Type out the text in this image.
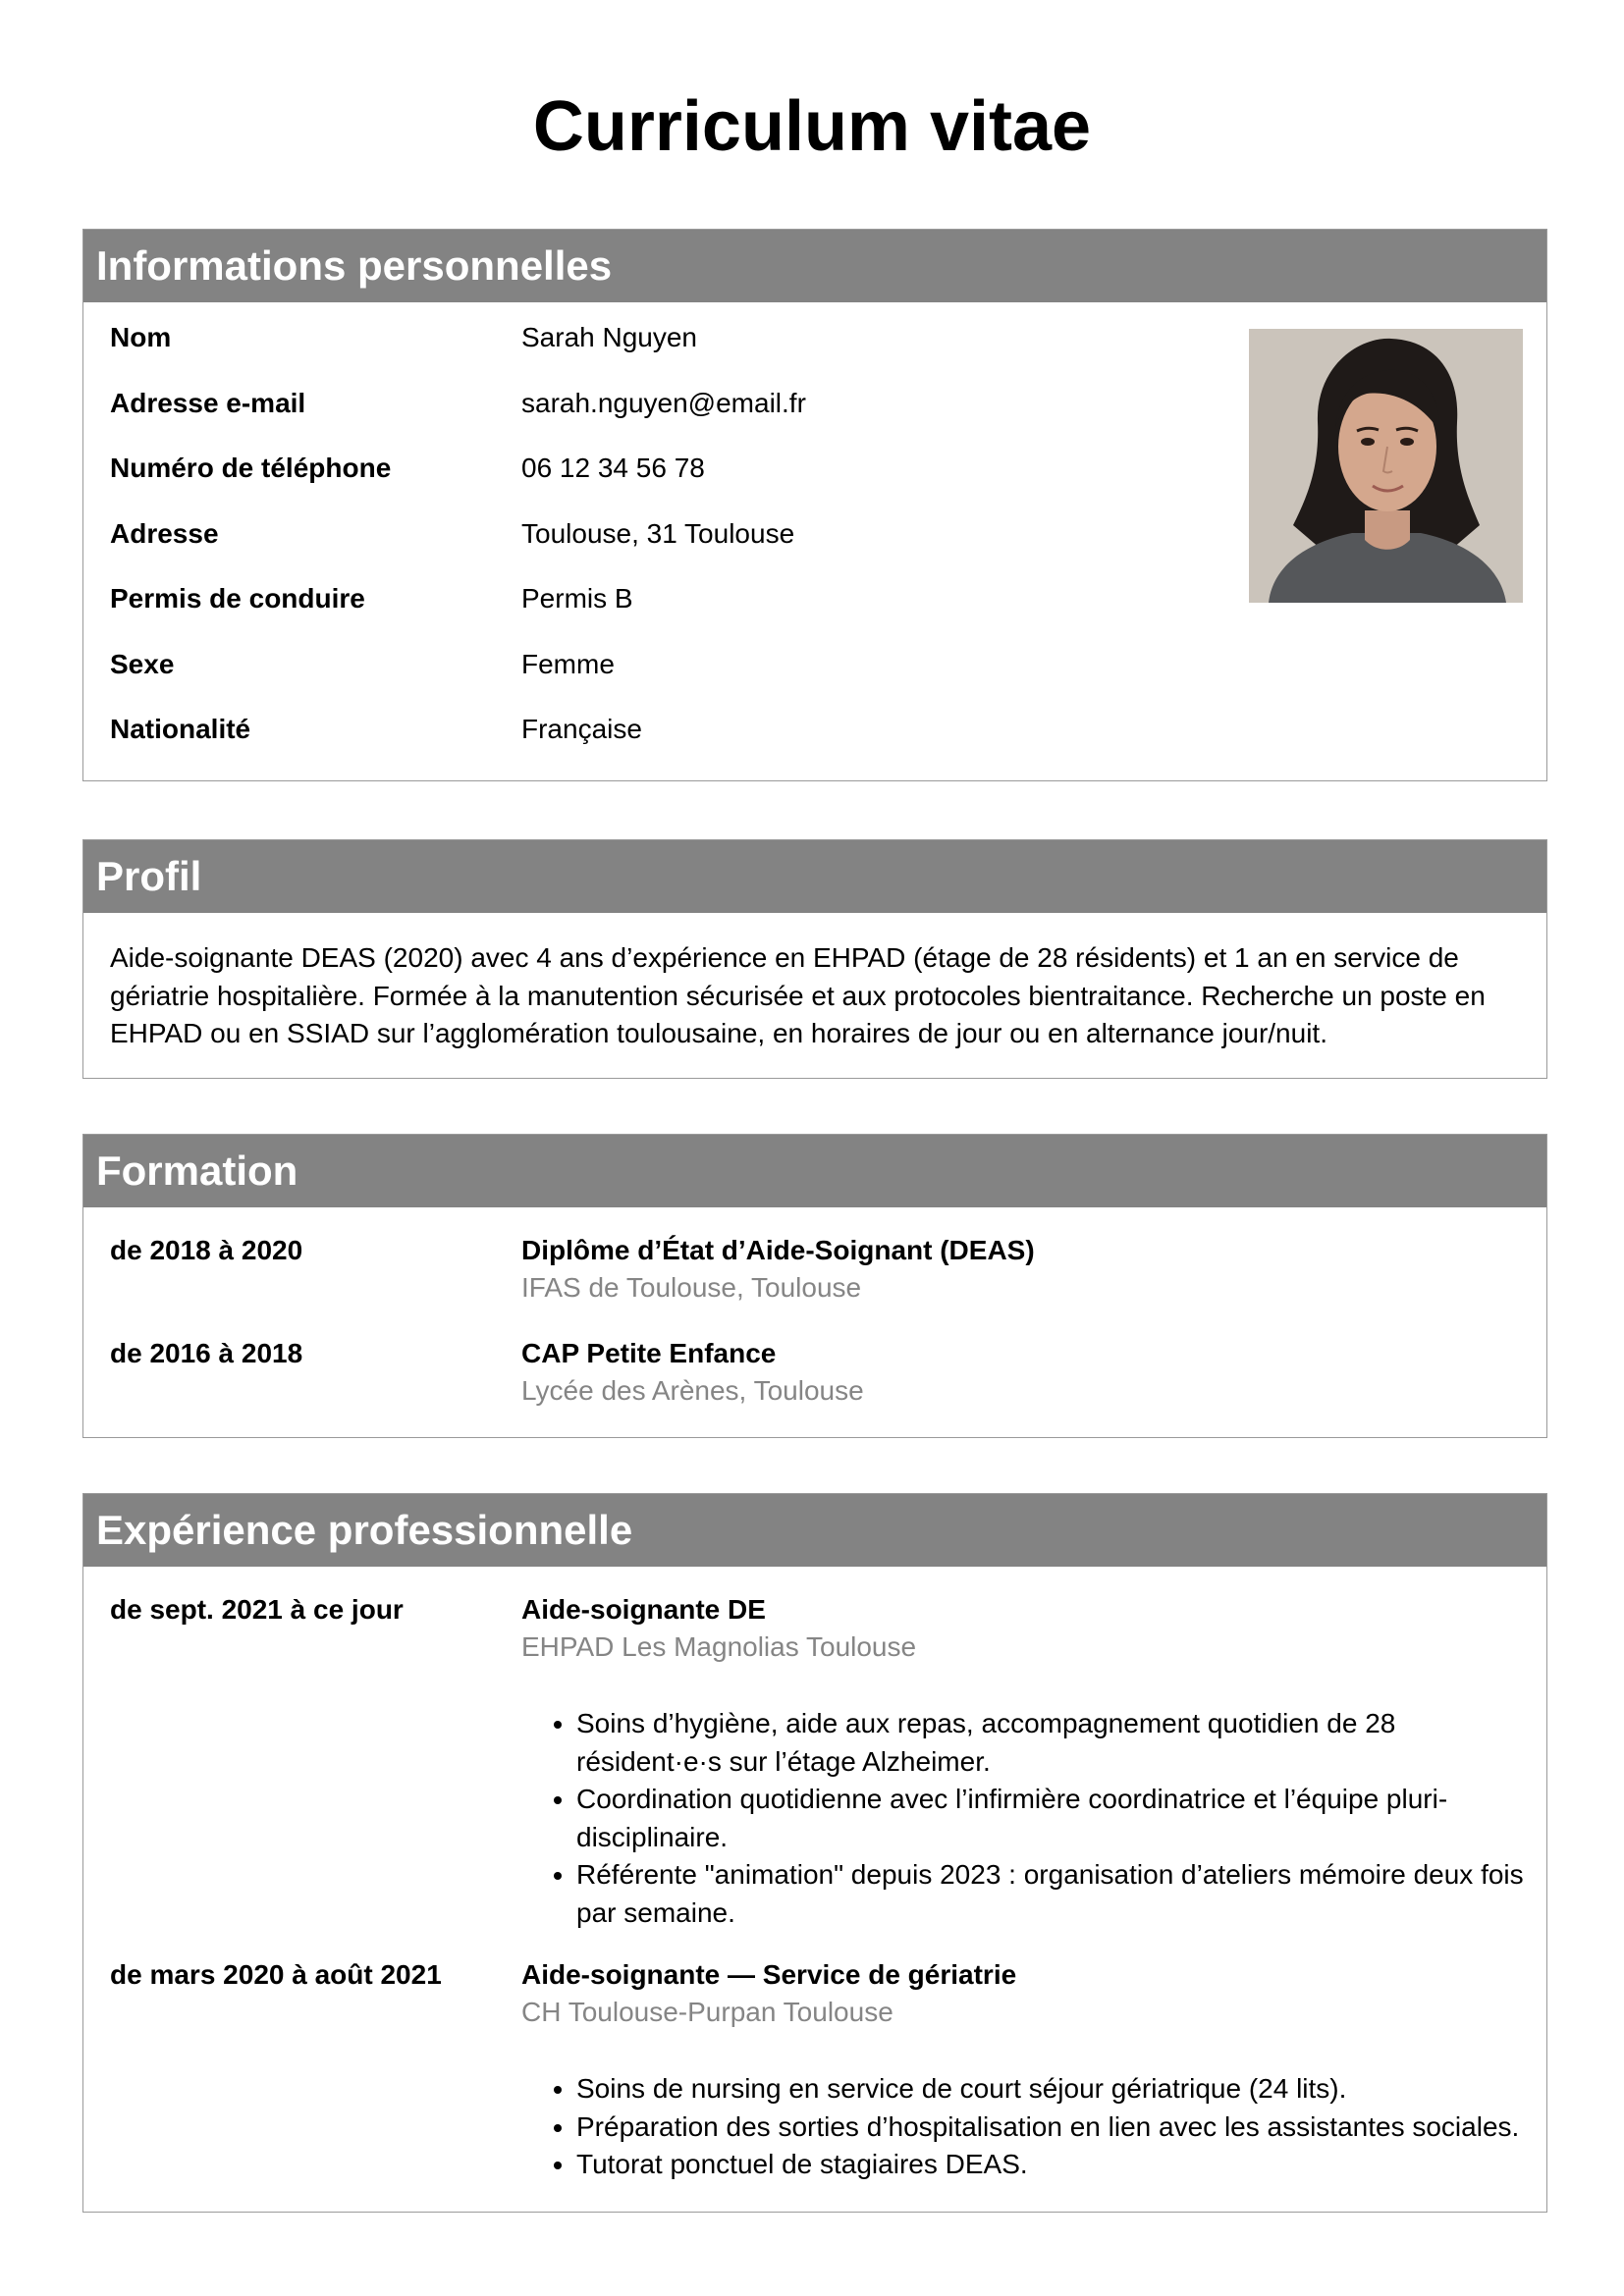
Curriculum vitae
Informations personnelles
Nom	Sarah Nguyen
Adresse e-mail	sarah.nguyen@email.fr
Numéro de téléphone	06 12 34 56 78
Adresse	Toulouse, 31 Toulouse
Permis de conduire	Permis B
Sexe	Femme
Nationalité	Française
Profil
Aide-soignante DEAS (2020) avec 4 ans d’expérience en EHPAD (étage de 28 résidents) et 1 an en service de gériatrie hospitalière. Formée à la manutention sécurisée et aux protocoles bientraitance. Recherche un poste en EHPAD ou en SSIAD sur l’agglomération toulousaine, en horaires de jour ou en alternance jour/nuit.
Formation
de 2018 à 2020	Diplôme d’État d’Aide-Soignant (DEAS)
IFAS de Toulouse, Toulouse
de 2016 à 2018	CAP Petite Enfance
Lycée des Arènes, Toulouse
Expérience professionnelle
de sept. 2021 à ce jour	Aide-soignante DE
EHPAD Les Magnolias Toulouse
• Soins d’hygiène, aide aux repas, accompagnement quotidien de 28 résident·e·s sur l’étage Alzheimer.
• Coordination quotidienne avec l’infirmière coordinatrice et l’équipe pluri-disciplinaire.
• Référente "animation" depuis 2023 : organisation d’ateliers mémoire deux fois par semaine.
de mars 2020 à août 2021	Aide-soignante — Service de gériatrie
CH Toulouse-Purpan Toulouse
• Soins de nursing en service de court séjour gériatrique (24 lits).
• Préparation des sorties d’hospitalisation en lien avec les assistantes sociales.
• Tutorat ponctuel de stagiaires DEAS.
